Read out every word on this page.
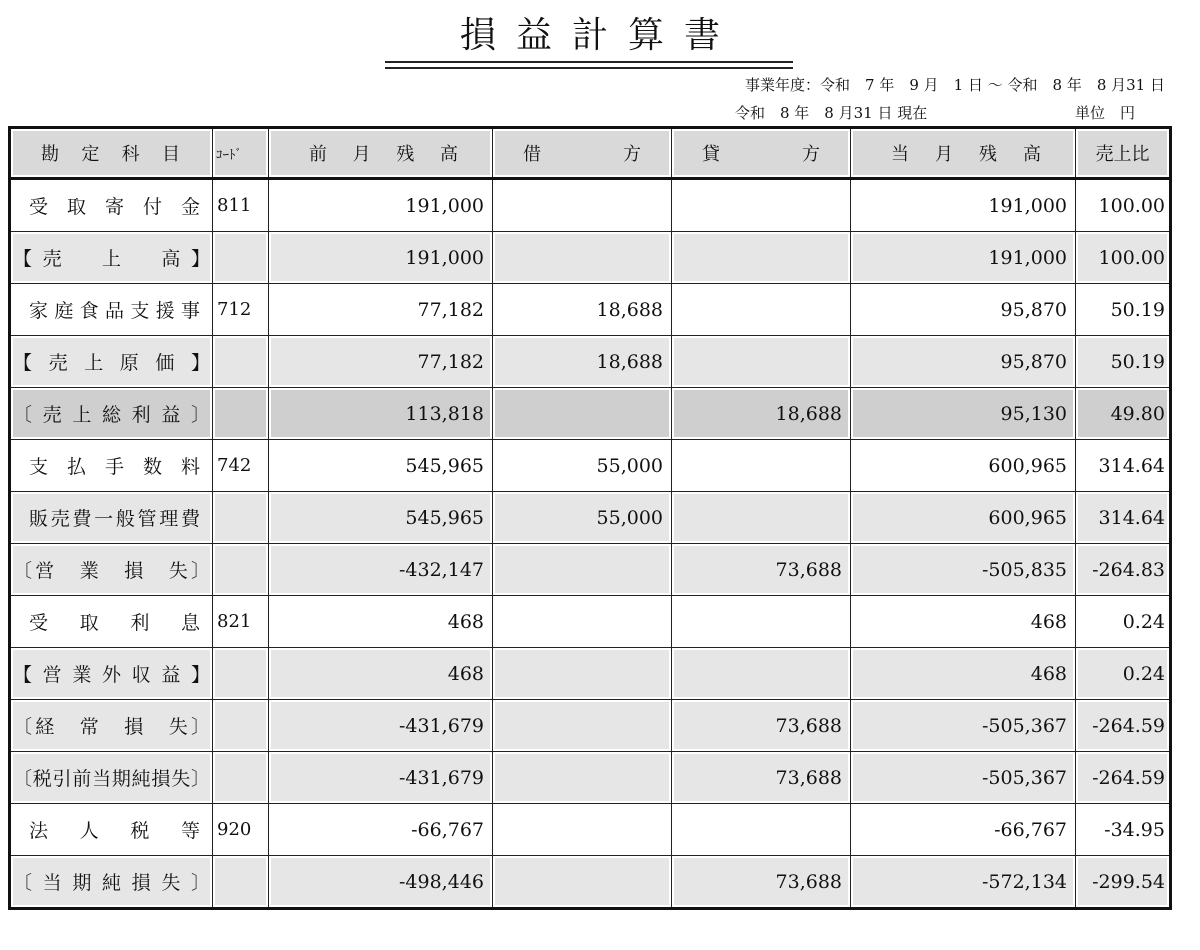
損益計算書
事業年度：令和　7 年　9 月　1 日 ～ 令和　8 年　8 月31 日
令和　8 年　8 月31 日 現在	単位　円
勘定科目	ｺｰﾄﾞ	前月残高	借　方	貸　方	当月残高	売上比
受取寄付金	811	191,000			191,000	100.00
【売　上　高】		191,000			191,000	100.00
家庭食品支援事	712	77,182	18,688		95,870	50.19
【売上原価】		77,182	18,688		95,870	50.19
〔売上総利益〕		113,818		18,688	95,130	49.80
支払手数料	742	545,965	55,000		600,965	314.64
販売費一般管理費		545,965	55,000		600,965	314.64
〔営　業　損　失〕		-432,147		73,688	-505,835	-264.83
受取利息	821	468			468	0.24
【営業外収益】		468			468	0.24
〔経　常　損　失〕		-431,679		73,688	-505,367	-264.59
〔税引前当期純損失〕		-431,679		73,688	-505,367	-264.59
法人税等	920	-66,767			-66,767	-34.95
〔当期純損失〕		-498,446		73,688	-572,134	-299.54
